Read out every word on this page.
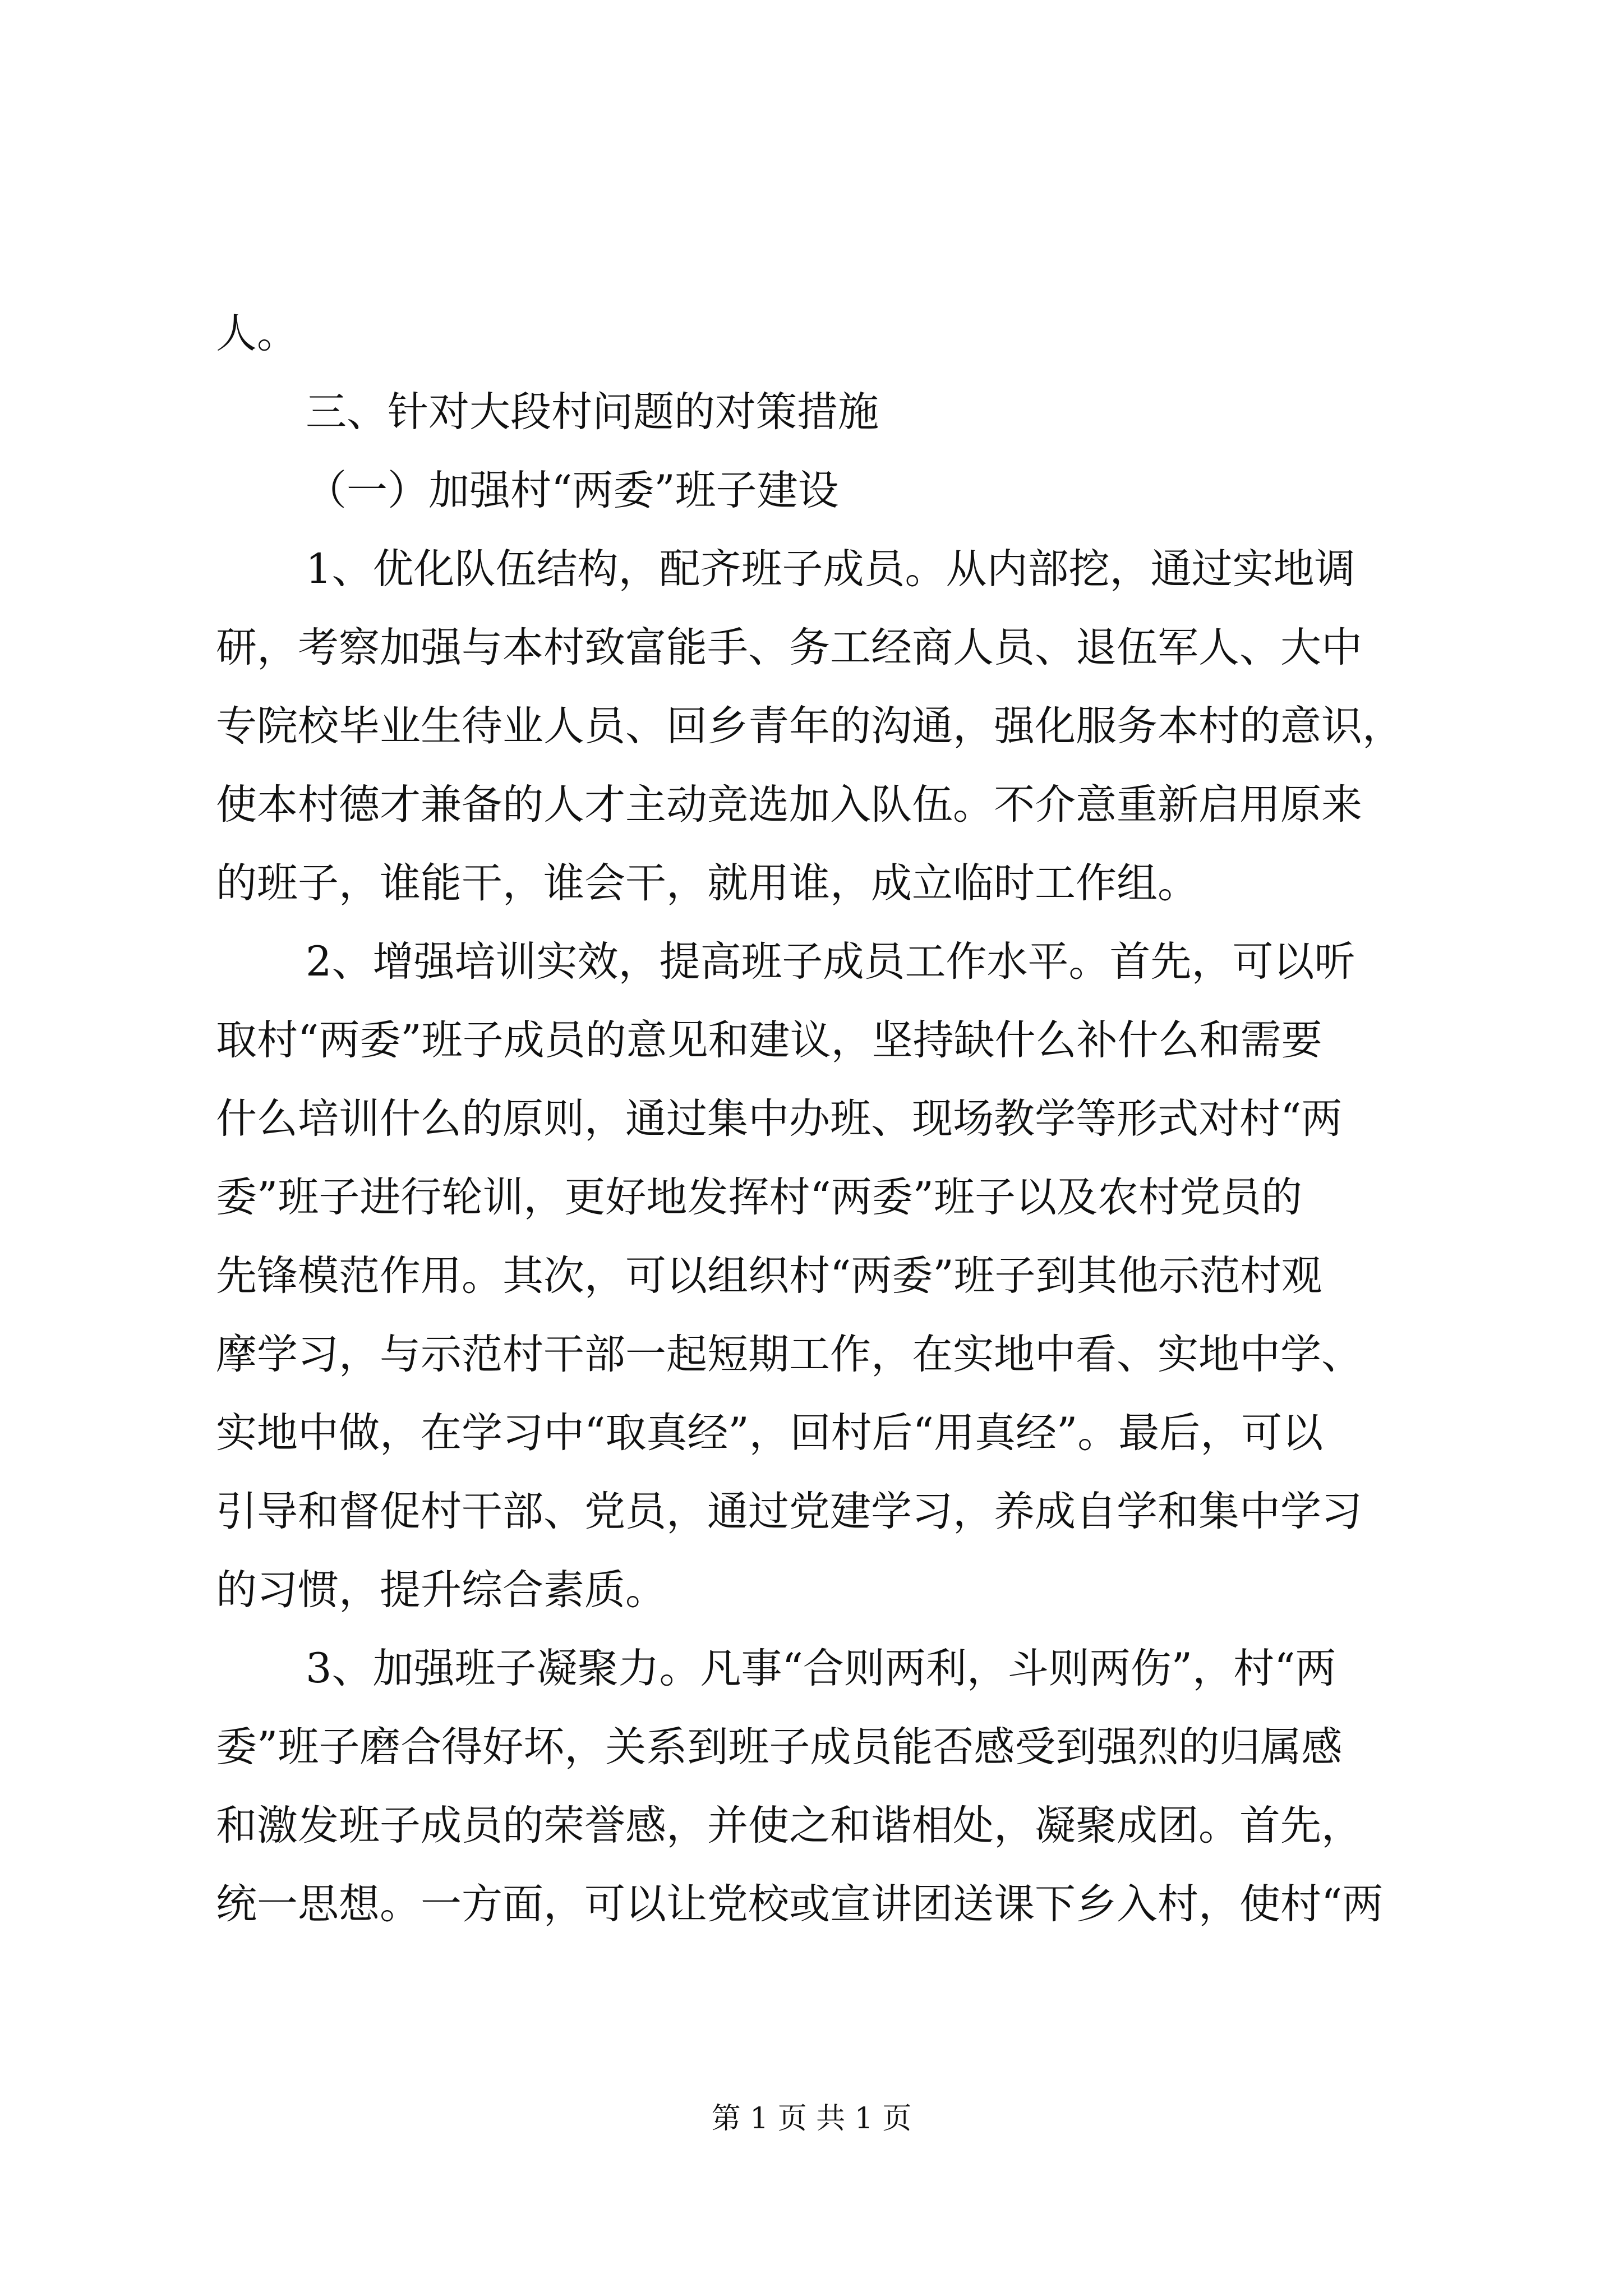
人。
三、针对大段村问题的对策措施
（一）加强村“两委”班子建设
1、优化队伍结构，配齐班子成员。从内部挖，通过实地调
研，考察加强与本村致富能手、务工经商人员、退伍军人、大中
专院校毕业生待业人员、回乡青年的沟通，强化服务本村的意识，
使本村德才兼备的人才主动竞选加入队伍。不介意重新启用原来
的班子，谁能干，谁会干，就用谁，成立临时工作组。
2、增强培训实效，提高班子成员工作水平。首先，可以听
取村“两委”班子成员的意见和建议，坚持缺什么补什么和需要
什么培训什么的原则，通过集中办班、现场教学等形式对村“两
委”班子进行轮训，更好地发挥村“两委”班子以及农村党员的
先锋模范作用。其次，可以组织村“两委”班子到其他示范村观
摩学习，与示范村干部一起短期工作，在实地中看、实地中学、
实地中做，在学习中“取真经”，回村后“用真经”。最后，可以
引导和督促村干部、党员，通过党建学习，养成自学和集中学习
的习惯，提升综合素质。
3、加强班子凝聚力。凡事“合则两利，斗则两伤”，村“两
委”班子磨合得好坏，关系到班子成员能否感受到强烈的归属感
和激发班子成员的荣誉感，并使之和谐相处，凝聚成团。首先，
统一思想。一方面，可以让党校或宣讲团送课下乡入村，使村“两
第 1 页 共 1 页
